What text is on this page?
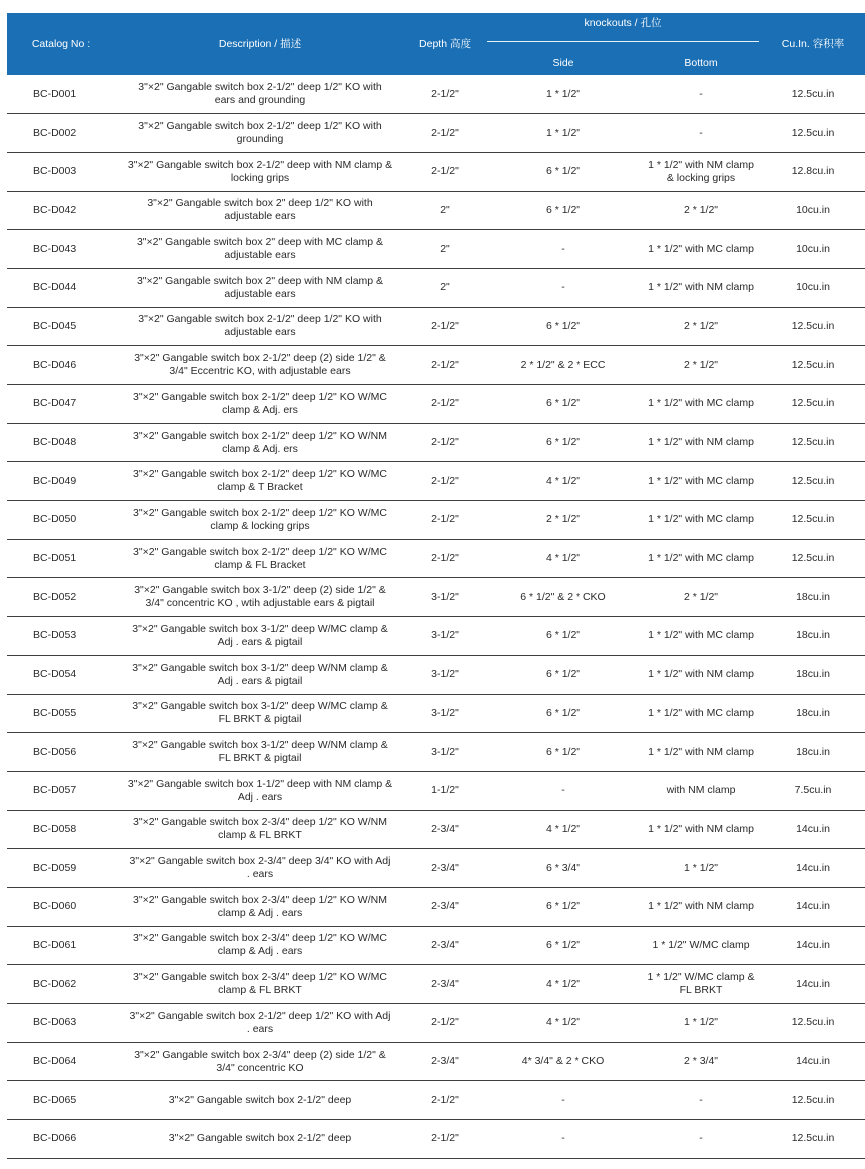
Catalog No :	Description / 描述	Depth 高度	knockouts / 孔位		Cu.In. 容积率
			Side	Bottom	
BC-D001	3"×2" Gangable switch box 2-1/2" deep 1/2" KO with ears and grounding	2-1/2"	1 * 1/2"	-	12.5cu.in
BC-D002	3"×2" Gangable switch box 2-1/2" deep 1/2" KO with grounding	2-1/2"	1 * 1/2"	-	12.5cu.in
BC-D003	3"×2" Gangable switch box 2-1/2" deep with NM clamp & locking grips	2-1/2"	6 * 1/2"	1 * 1/2" with NM clamp & locking grips	12.8cu.in
BC-D042	3"×2" Gangable switch box 2" deep 1/2" KO with adjustable ears	2"	6 * 1/2"	2 * 1/2"	10cu.in
BC-D043	3"×2" Gangable switch box 2" deep with MC clamp & adjustable ears	2"	-	1 * 1/2" with MC clamp	10cu.in
BC-D044	3"×2" Gangable switch box 2" deep with NM clamp & adjustable ears	2"	-	1 * 1/2" with NM clamp	10cu.in
BC-D045	3"×2" Gangable switch box 2-1/2" deep 1/2" KO with adjustable ears	2-1/2"	6 * 1/2"	2 * 1/2"	12.5cu.in
BC-D046	3"×2" Gangable switch box 2-1/2" deep (2) side 1/2" & 3/4" Eccentric KO, with adjustable ears	2-1/2"	2 * 1/2" & 2 * ECC	2 * 1/2"	12.5cu.in
BC-D047	3"×2" Gangable switch box 2-1/2" deep 1/2" KO W/MC clamp & Adj. ers	2-1/2"	6 * 1/2"	1 * 1/2" with MC clamp	12.5cu.in
BC-D048	3"×2" Gangable switch box 2-1/2" deep 1/2" KO W/NM clamp & Adj. ers	2-1/2"	6 * 1/2"	1 * 1/2" with NM clamp	12.5cu.in
BC-D049	3"×2" Gangable switch box 2-1/2" deep 1/2" KO W/MC clamp & T Bracket	2-1/2"	4 * 1/2"	1 * 1/2" with MC clamp	12.5cu.in
BC-D050	3"×2" Gangable switch box 2-1/2" deep 1/2" KO W/MC clamp & locking grips	2-1/2"	2 * 1/2"	1 * 1/2" with MC clamp	12.5cu.in
BC-D051	3"×2" Gangable switch box 2-1/2" deep 1/2" KO W/MC clamp & FL Bracket	2-1/2"	4 * 1/2"	1 * 1/2" with MC clamp	12.5cu.in
BC-D052	3"×2" Gangable switch box 3-1/2" deep (2) side 1/2" & 3/4" concentric KO , wtih adjustable ears & pigtail	3-1/2"	6 * 1/2" & 2 * CKO	2 * 1/2"	18cu.in
BC-D053	3"×2" Gangable switch box 3-1/2" deep W/MC clamp & Adj . ears & pigtail	3-1/2"	6 * 1/2"	1 * 1/2" with MC clamp	18cu.in
BC-D054	3"×2" Gangable switch box 3-1/2" deep W/NM clamp & Adj . ears & pigtail	3-1/2"	6 * 1/2"	1 * 1/2" with NM clamp	18cu.in
BC-D055	3"×2" Gangable switch box 3-1/2" deep W/MC clamp & FL BRKT & pigtail	3-1/2"	6 * 1/2"	1 * 1/2" with MC clamp	18cu.in
BC-D056	3"×2" Gangable switch box 3-1/2" deep W/NM clamp & FL BRKT & pigtail	3-1/2"	6 * 1/2"	1 * 1/2" with NM clamp	18cu.in
BC-D057	3"×2" Gangable switch box 1-1/2" deep with NM clamp & Adj . ears	1-1/2"	-	with NM clamp	7.5cu.in
BC-D058	3"×2" Gangable switch box 2-3/4" deep 1/2" KO W/NM clamp & FL BRKT	2-3/4"	4 * 1/2"	1 * 1/2" with NM clamp	14cu.in
BC-D059	3"×2" Gangable switch box 2-3/4" deep 3/4" KO with Adj . ears	2-3/4"	6 * 3/4"	1 * 1/2"	14cu.in
BC-D060	3"×2" Gangable switch box 2-3/4" deep 1/2" KO W/NM clamp & Adj . ears	2-3/4"	6 * 1/2"	1 * 1/2" with NM clamp	14cu.in
BC-D061	3"×2" Gangable switch box 2-3/4" deep 1/2" KO W/MC clamp & Adj . ears	2-3/4"	6 * 1/2"	1 * 1/2" W/MC clamp	14cu.in
BC-D062	3"×2" Gangable switch box 2-3/4" deep 1/2" KO W/MC clamp & FL BRKT	2-3/4"	4 * 1/2"	1 * 1/2" W/MC clamp & FL BRKT	14cu.in
BC-D063	3"×2" Gangable switch box 2-1/2" deep 1/2" KO with Adj . ears	2-1/2"	4 * 1/2"	1 * 1/2"	12.5cu.in
BC-D064	3"×2" Gangable switch box 2-3/4" deep (2) side 1/2" & 3/4" concentric KO	2-3/4"	4* 3/4" & 2 * CKO	2 * 3/4"	14cu.in
BC-D065	3"×2" Gangable switch box 2-1/2" deep	2-1/2"	-	-	12.5cu.in
BC-D066	3"×2" Gangable switch box 2-1/2" deep	2-1/2"	-	-	12.5cu.in
